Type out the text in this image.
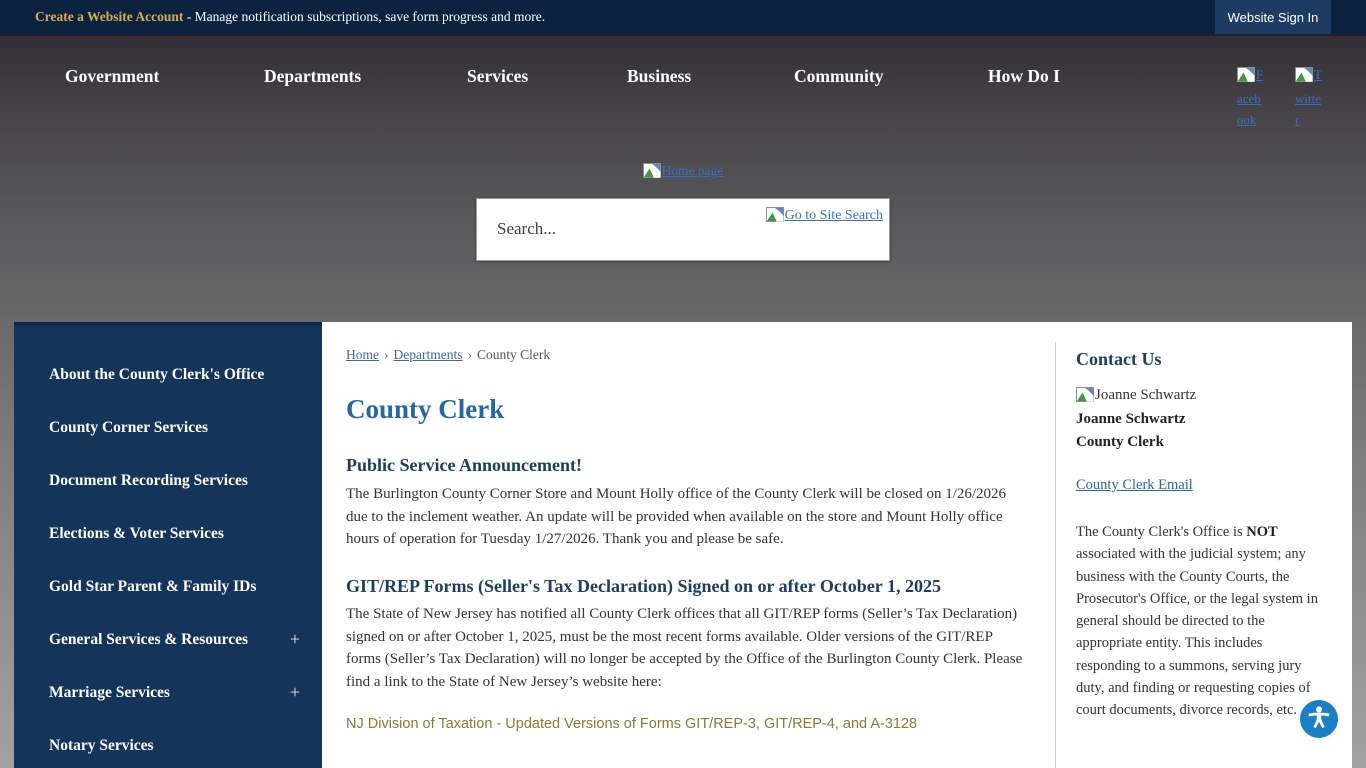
Create a Website Account - Manage notification subscriptions, save form progress and more.	Website Sign In
Government	Departments	Services	Business	Community	How Do I	Facebook
Twitter
Home page
Search...
Go to Site Search
About the County Clerk's Office
County Corner Services
Document Recording Services
Elections & Voter Services
Gold Star Parent & Family IDs
General Services & Resources +
Marriage Services	+
Notary Services
Home › Departments › County Clerk
County Clerk
Public Service Announcement!

The Burlington County Corner Store and Mount Holly office of the County Clerk will be closed on 1/26/2026 due to the inclement weather. An update will be provided when available on the store and Mount Holly office hours of operation for Tuesday 1/27/2026. Thank you and please be safe.

GIT/REP Forms (Seller's Tax Declaration) Signed on or after October 1, 2025

The State of New Jersey has notified all County Clerk offices that all GIT/REP forms (Seller’s Tax Declaration) signed on or after October 1, 2025, must be the most recent forms available. Older versions of the GIT/REP forms (Seller’s Tax Declaration) will no longer be accepted by the Office of the Burlington County Clerk. Please find a link to the State of New Jersey’s website here:

NJ Division of Taxation - Updated Versions of Forms GIT/REP-3, GIT/REP-4, and A-3128
Contact Us
Joanne Schwartz
Joanne Schwartz
County Clerk
County Clerk Email

The County Clerk's Office is NOT associated with the judicial system; any business with the County Courts, the Prosecutor's Office, or the legal system in general should be directed to the appropriate entity. This includes responding to a summons, serving jury duty, and finding or requesting copies of court documents, divorce records, etc.
